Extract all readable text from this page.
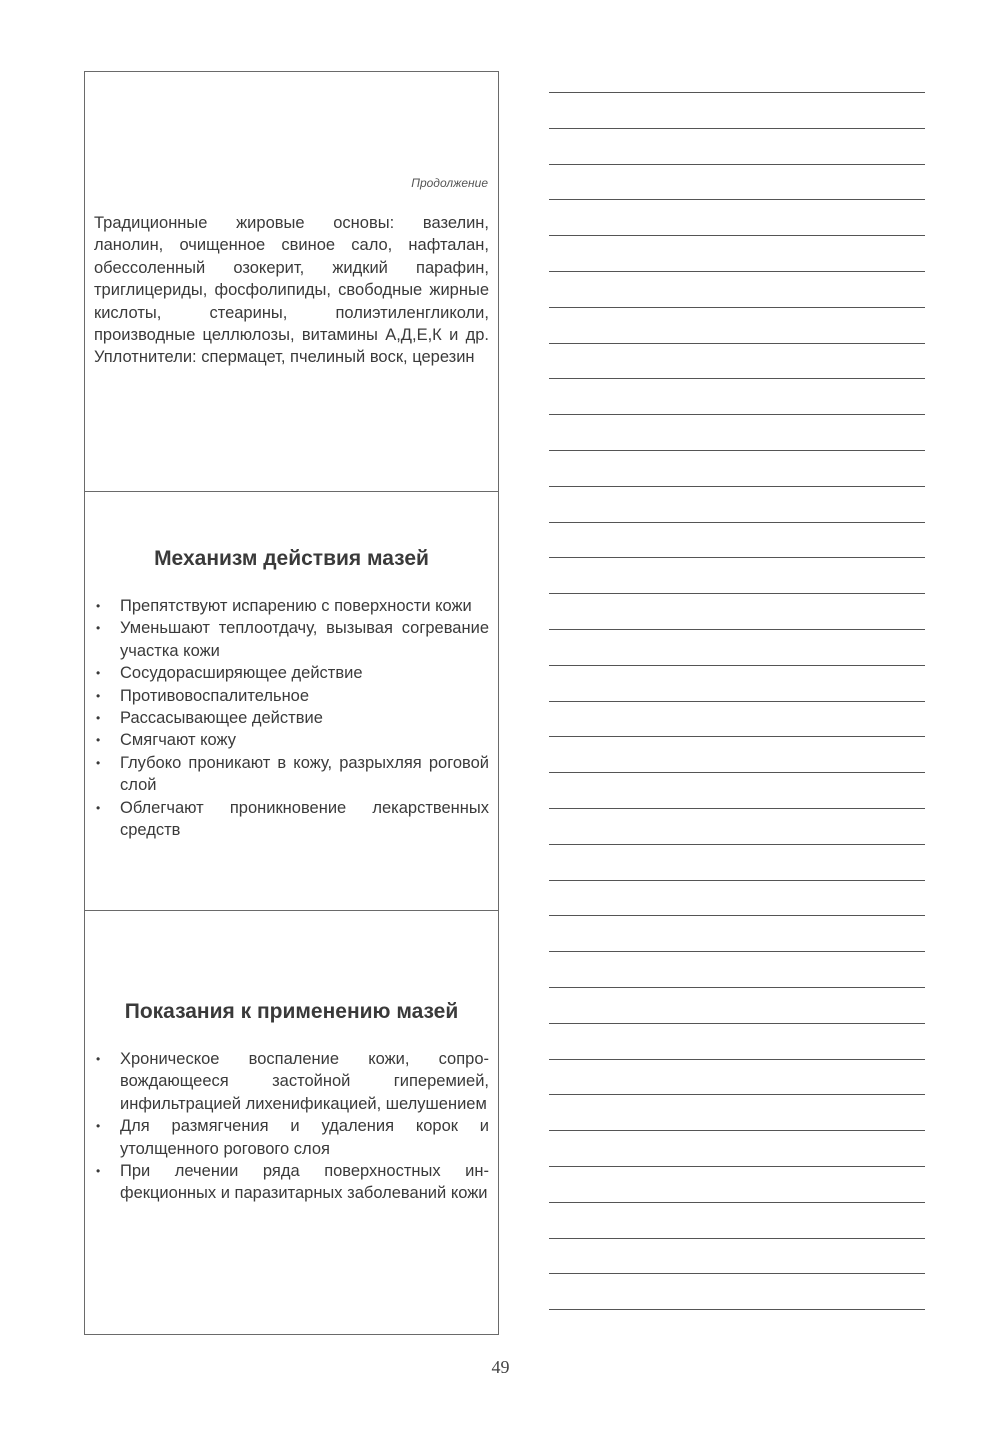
Продолжение

Традиционные жировые основы: вазелин, ланолин, очищенное свиное сало, нафталан, обессоленный озокерит, жидкий парафин, триглицериды, фосфолипиды, свободные жирные кислоты, стеарины, полиэтиленгликоли, производные целлюлозы, витамины А,Д,Е,К и др. Уплотнители: спермацет, пчелиный воск, церезин

Механизм действия мазей
• Препятствуют испарению с поверхности кожи
• Уменьшают теплоотдачу, вызывая согревание участка кожи
• Сосудорасширяющее действие
• Противовоспалительное
• Рассасывающее действие
• Смягчают кожу
• Глубоко проникают в кожу, разрыхляя роговой слой
• Облегчают проникновение лекарственных средств
Показания к применению мазей
• Хроническое воспаление кожи, сопровождающееся застойной гиперемией, инфильтрацией лихенификацией, шелушением
• Для размягчения и удаления корок и утолщенного рогового слоя
• При лечении ряда поверхностных инфекционных и паразитарных заболеваний кожи
49
